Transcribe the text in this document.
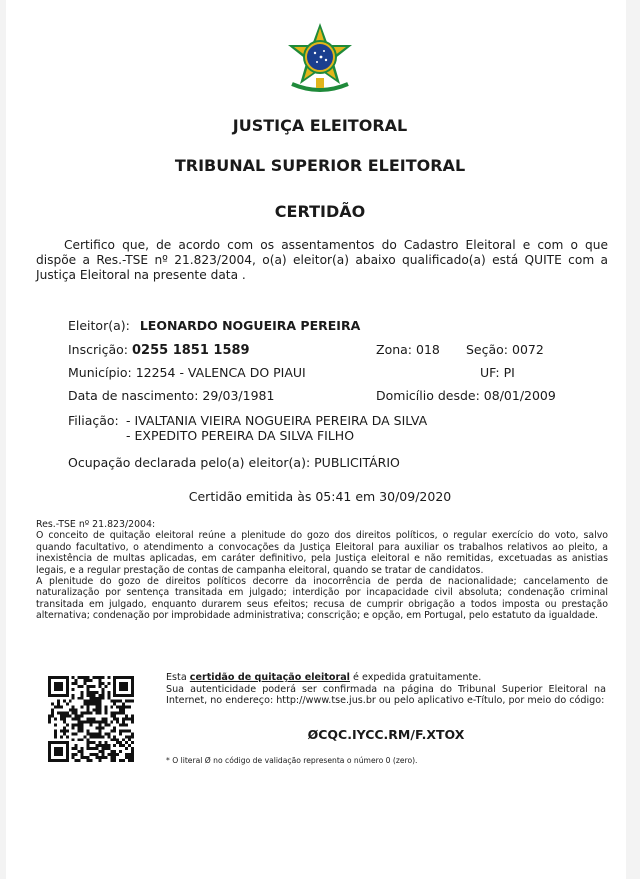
JUSTIÇA ELEITORAL
TRIBUNAL SUPERIOR ELEITORAL
CERTIDÃO
Certifico que, de acordo com os assentamentos do Cadastro Eleitoral e com o que dispõe a Res.-TSE nº 21.823/2004, o(a) eleitor(a) abaixo qualificado(a) está QUITE com a Justiça Eleitoral na presente data .
Eleitor(a): LEONARDO NOGUEIRA PEREIRA
Inscrição: 0255 1851 1589	Zona: 018 Seção: 0072
Município: 12254 - VALENCA DO PIAUI	UF: PI
Data de nascimento: 29/03/1981	Domicílio desde: 08/01/2009
Filiação: - IVALTANIA VIEIRA NOGUEIRA PEREIRA DA SILVA
- EXPEDITO PEREIRA DA SILVA FILHO
Ocupação declarada pelo(a) eleitor(a): PUBLICITÁRIO
Certidão emitida às 05:41 em 30/09/2020

Res.-TSE nº 21.823/2004:

O conceito de quitação eleitoral reúne a plenitude do gozo dos direitos políticos, o regular exercício do voto, salvo quando facultativo, o atendimento a convocações da Justiça Eleitoral para auxiliar os trabalhos relativos ao pleito, a inexistência de multas aplicadas, em caráter definitivo, pela Justiça eleitoral e não remitidas, excetuadas as anistias legais, e a regular prestação de contas de campanha eleitoral, quando se tratar de candidatos.

A plenitude do gozo de direitos políticos decorre da inocorrência de perda de nacionalidade; cancelamento de naturalização por sentença transitada em julgado; interdição por incapacidade civil absoluta; condenação criminal transitada em julgado, enquanto durarem seus efeitos; recusa de cumprir obrigação a todos imposta ou prestação alternativa; condenação por improbidade administrativa; conscrição; e opção, em Portugal, pelo estatuto da igualdade.

Esta certidão de quitação eleitoral é expedida gratuitamente.

Sua autenticidade poderá ser confirmada na página do Tribunal Superior Eleitoral na Internet, no endereço: http://www.tse.jus.br ou pelo aplicativo e-Título, por meio do código:

ØCQC.IYCC.RM/F.XTOX
* O literal Ø no código de validação representa o número 0 (zero).
